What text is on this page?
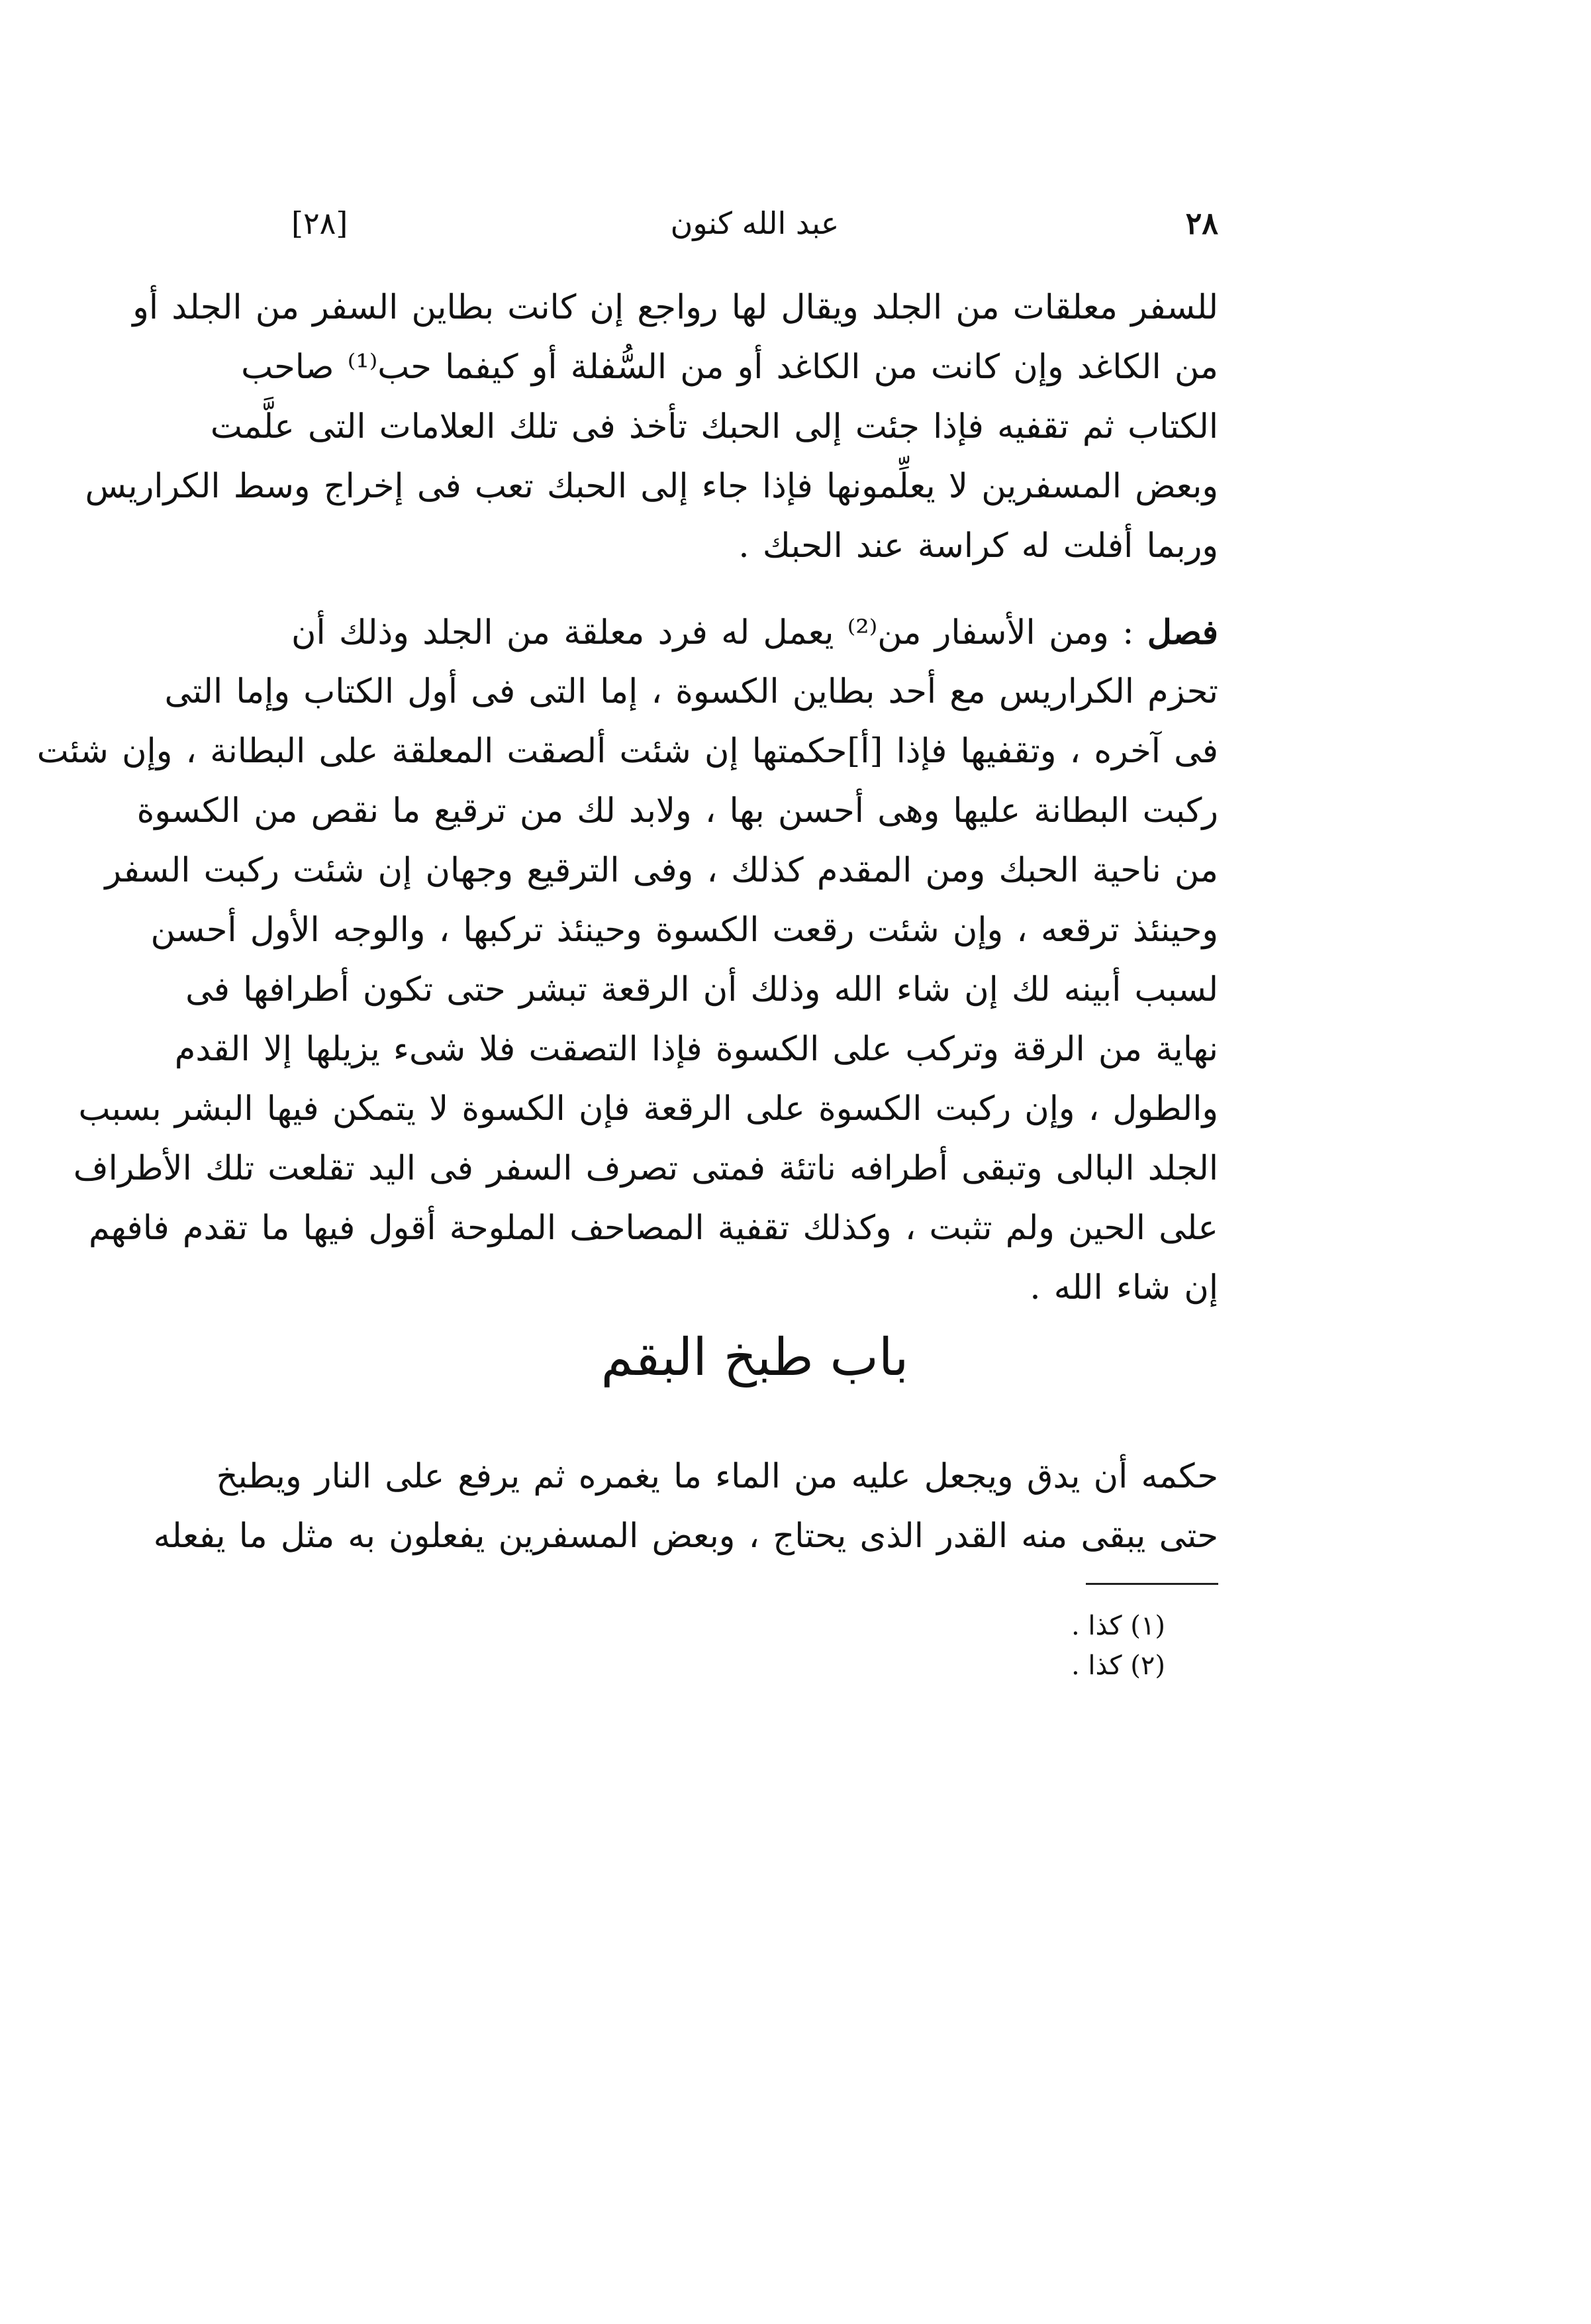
[٢٨]	عبد الله كنون	٢٨
للسفر معلقات من الجلد ويقال لها رواجع إن كانت بطاين السفر من الجلد أو
من الكاغد وإن كانت من الكاغد أو من السُّفلة أو كيفما حب⁽¹⁾ صاحب
الكتاب ثم تقفيه فإذا جئت إلى الحبك تأخذ فى تلك العلامات التى علَّمت
وبعض المسفرين لا يعلِّمونها فإذا جاء إلى الحبك تعب فى إخراج وسط الكراريس
وربما أفلت له كراسة عند الحبك .
فصل : ومن الأسفار من⁽²⁾ يعمل له فرد معلقة من الجلد وذلك أن
تحزم الكراريس مع أحد بطاين الكسوة ، إما التى فى أول الكتاب وإما التى
فى آخره ، وتقفيها فإذا [أ]حكمتها إن شئت ألصقت المعلقة على البطانة ، وإن شئت
ركبت البطانة عليها وهى أحسن بها ، ولابد لك من ترقيع ما نقص من الكسوة
من ناحية الحبك ومن المقدم كذلك ، وفى الترقيع وجهان إن شئت ركبت السفر
وحينئذ ترقعه ، وإن شئت رقعت الكسوة وحينئذ تركبها ، والوجه الأول أحسن
لسبب أبينه لك إن شاء الله وذلك أن الرقعة تبشر حتى تكون أطرافها فى
نهاية من الرقة وتركب على الكسوة فإذا التصقت فلا شىء يزيلها إلا القدم
والطول ، وإن ركبت الكسوة على الرقعة فإن الكسوة لا يتمكن فيها البشر بسبب
الجلد البالى وتبقى أطرافه ناتئة فمتى تصرف السفر فى اليد تقلعت تلك الأطراف
على الحين ولم تثبت ، وكذلك تقفية المصاحف الملوحة أقول فيها ما تقدم فافهم
إن شاء الله .
باب طبخ البقم
حكمه أن يدق ويجعل عليه من الماء ما يغمره ثم يرفع على النار ويطبخ
حتى يبقى منه القدر الذى يحتاج ، وبعض المسفرين يفعلون به مثل ما يفعله
(١) كذا .
(٢) كذا .
